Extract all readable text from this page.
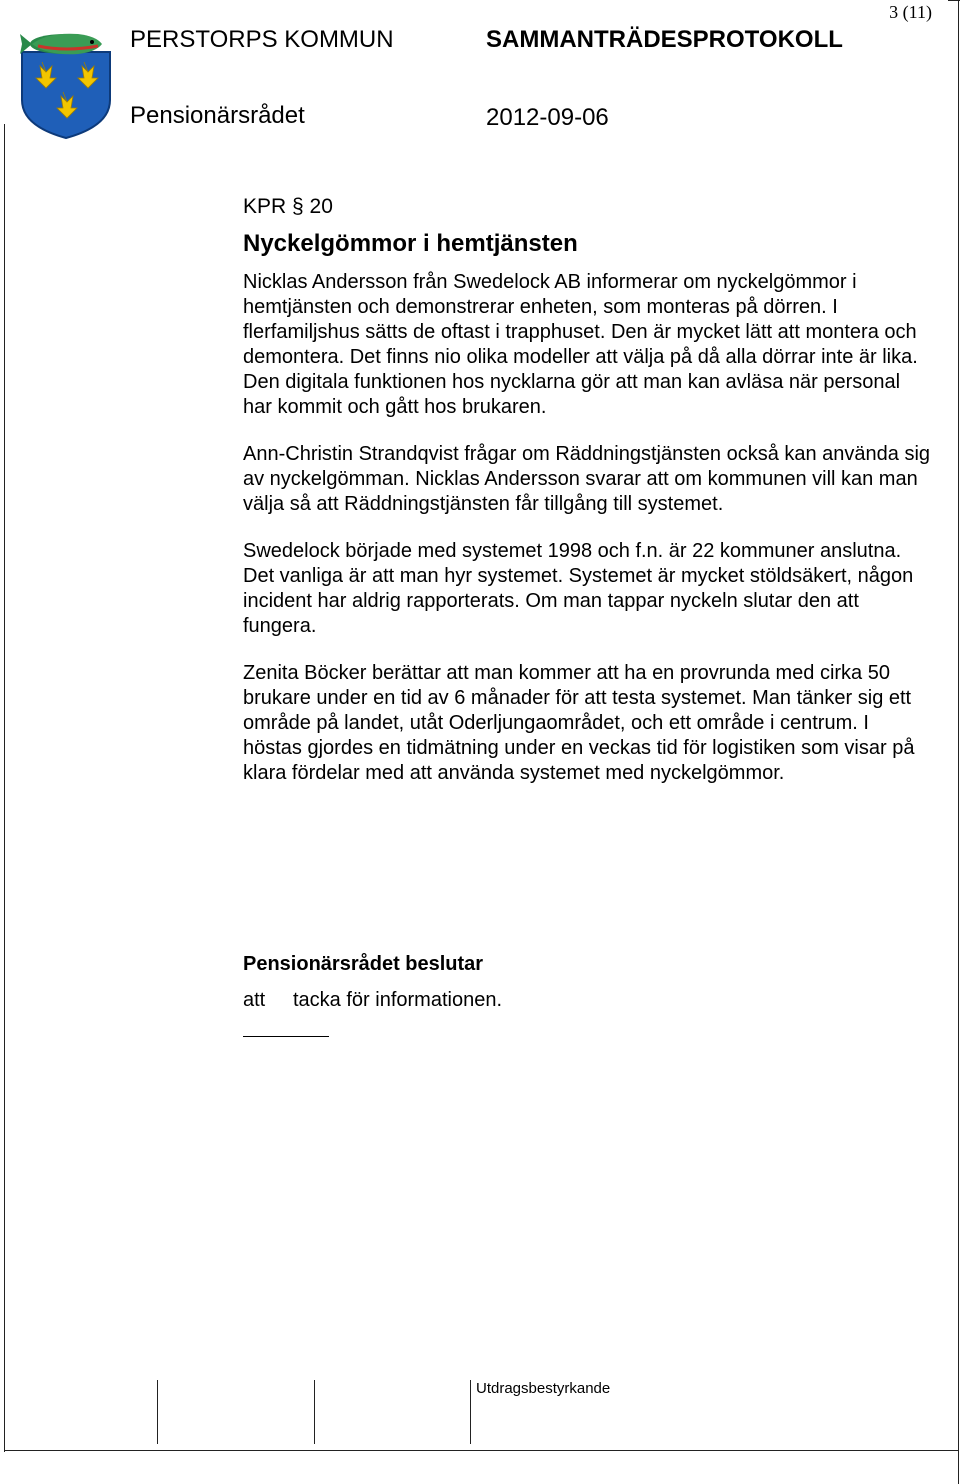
PERSTORPS KOMMUN	SAMMANTRÄDESPROTOKOLL
3 (11)
Pensionärsrådet	2012-09-06
KPR § 20
Nyckelgömmor i hemtjänsten

Nicklas Andersson från Swedelock AB informerar om nyckelgömmor i hemtjänsten och demonstrerar enheten, som monteras på dörren. I flerfamiljshus sätts de oftast i trapphuset. Den är mycket lätt att montera och demontera. Det finns nio olika modeller att välja på då alla dörrar inte är lika. Den digitala funktionen hos nycklarna gör att man kan avläsa när personal har kommit och gått hos brukaren.

Ann-Christin Strandqvist frågar om Räddningstjänsten också kan använda sig av nyckelgömman. Nicklas Andersson svarar att om kommunen vill kan man välja så att Räddningstjänsten får tillgång till systemet.

Swedelock började med systemet 1998 och f.n. är 22 kommuner anslutna. Det vanliga är att man hyr systemet. Systemet är mycket stöldsäkert, någon incident har aldrig rapporterats. Om man tappar nyckeln slutar den att fungera.

Zenita Böcker berättar att man kommer att ha en provrunda med cirka 50 brukare under en tid av 6 månader för att testa systemet. Man tänker sig ett område på landet, utåt Oderljungaområdet, och ett område i centrum. I höstas gjordes en tidmätning under en veckas tid för logistiken som visar på klara fördelar med att använda systemet med nyckelgömmor.

Pensionärsrådet beslutar
att tacka för informationen.
Utdragsbestyrkande
